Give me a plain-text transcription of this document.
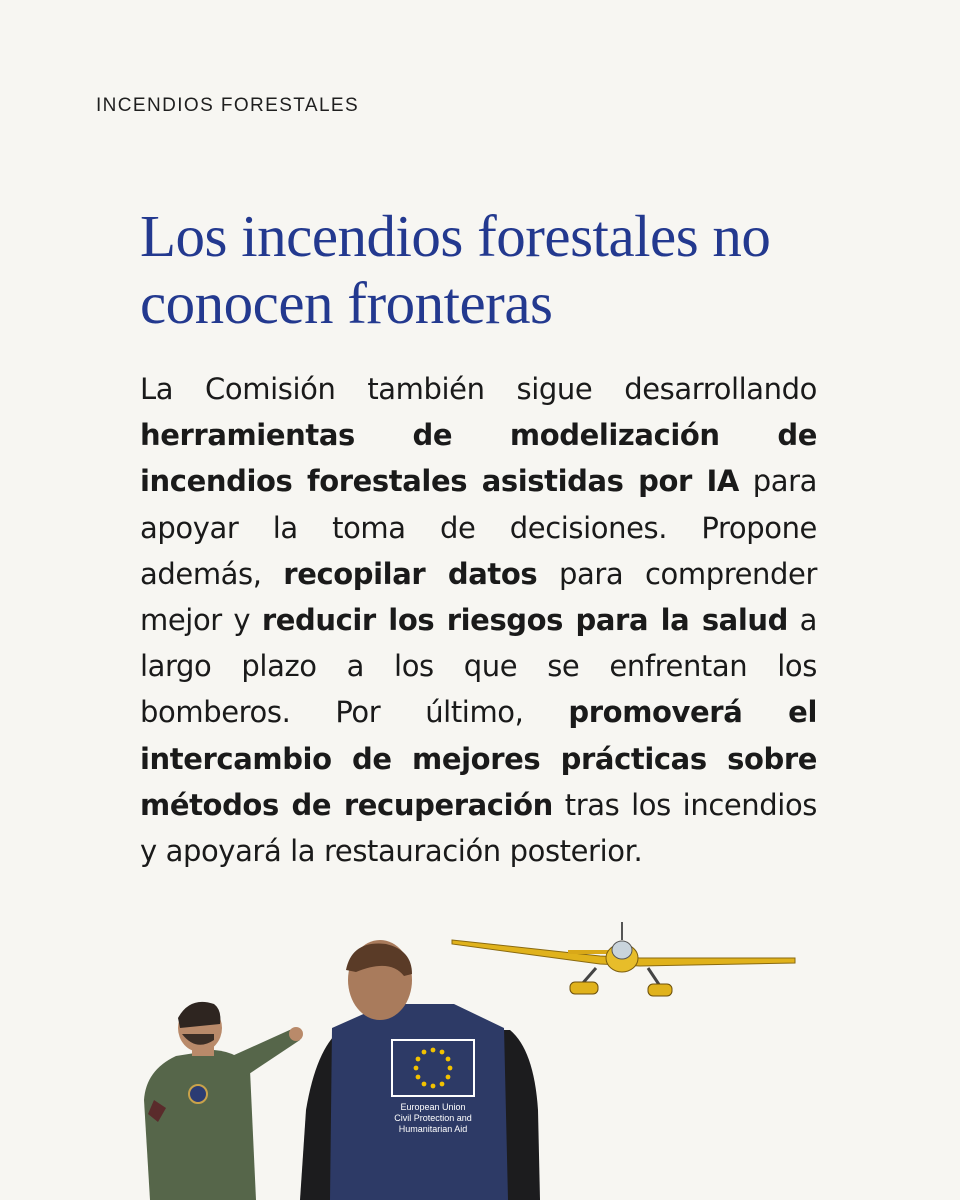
INCENDIOS FORESTALES
Los incendios forestales no conocen fronteras

La Comisión también sigue desarrollando herramientas de modelización de incendios forestales asistidas por IA para apoyar la toma de decisiones. Propone además, recopilar datos para comprender mejor y reducir los riesgos para la salud a largo plazo a los que se enfrentan los bomberos. Por último, promoverá el intercambio de mejores prácticas sobre métodos de recuperación tras los incendios y apoyará la restauración posterior.

European Union
Civil Protection and
Humanitarian Aid
